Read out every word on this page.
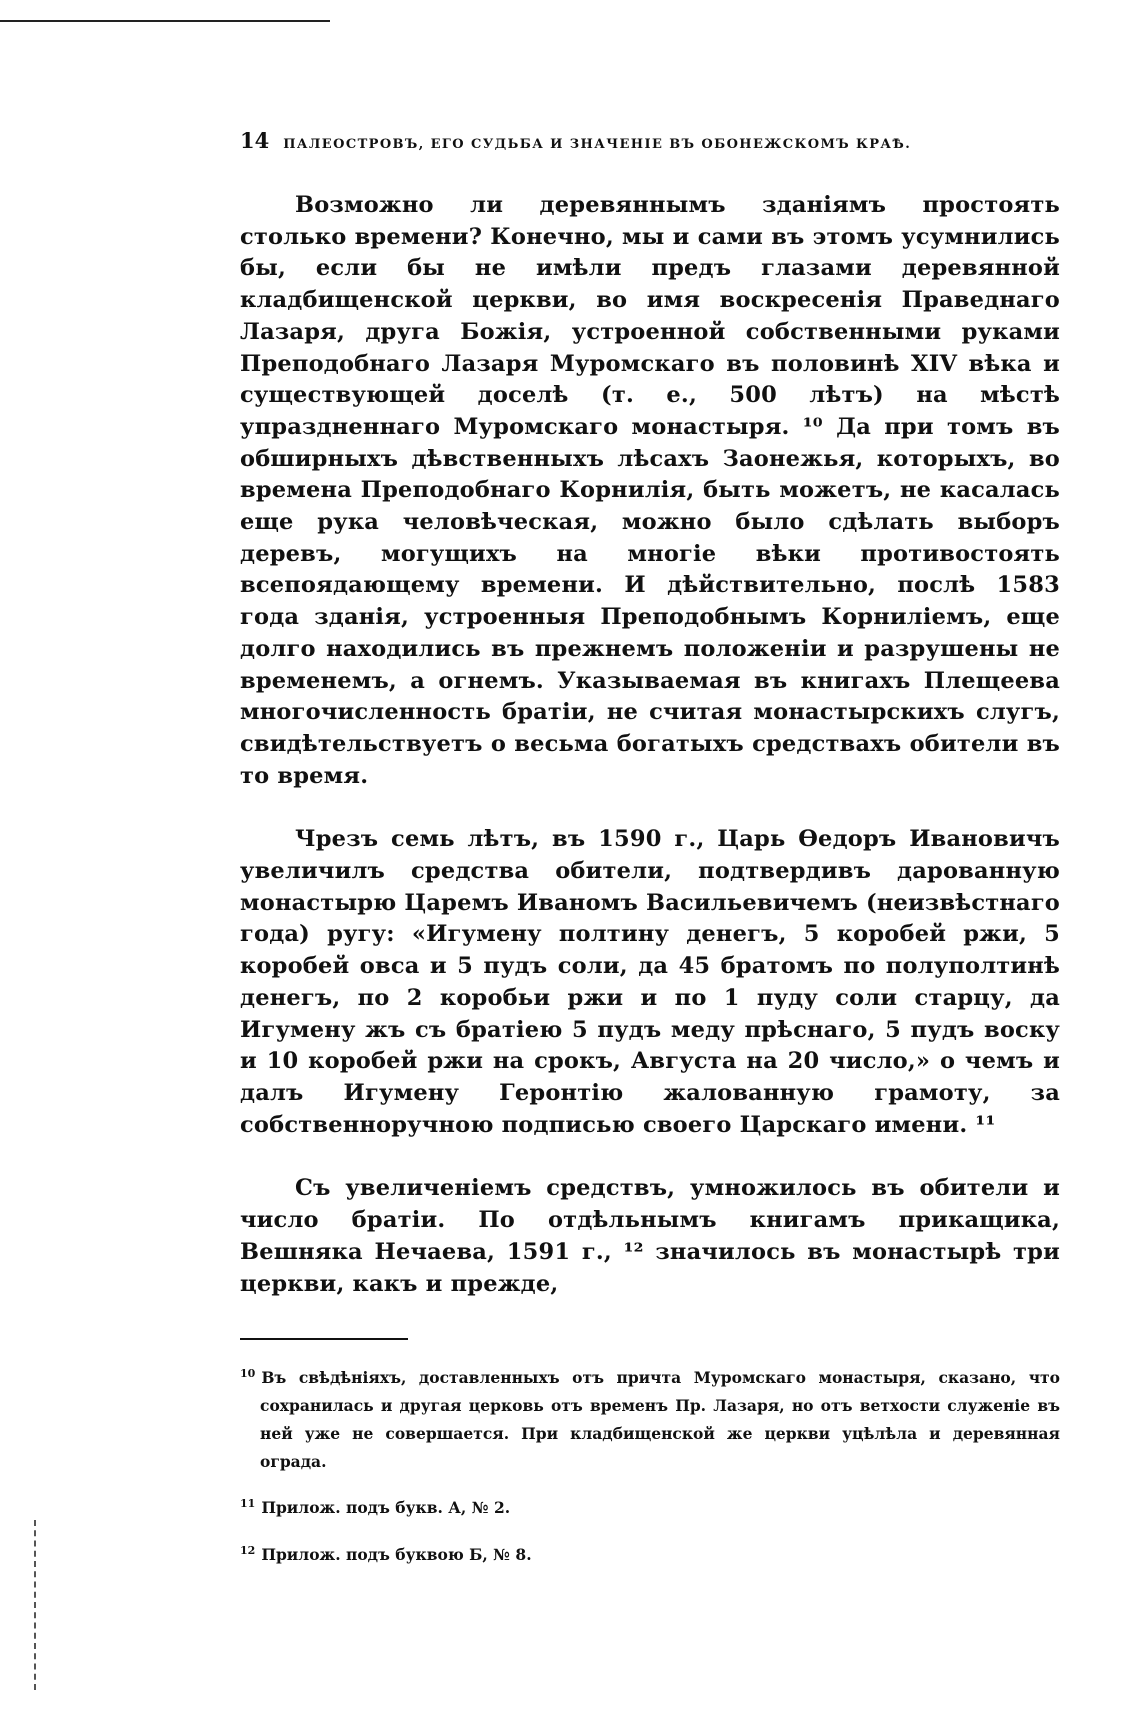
14 ПАЛЕОСТРОВЪ, ЕГО СУДЬБА И ЗНАЧЕНІЕ ВЪ ОБОНЕЖСКОМЪ КРАѢ.

Возможно ли деревяннымъ зданіямъ простоять столько времени? Конечно, мы и сами въ этомъ усумнились бы, если бы не имѣли предъ глазами деревянной кладбищенской церкви, во имя воскресенія Праведнаго Лазаря, друга Божія, устроенной собственными руками Преподобнаго Лазаря Муромскаго въ половинѣ XIV вѣка и существующей доселѣ (т. е., 500 лѣтъ) на мѣстѣ упраздненнаго Муромскаго монастыря. ¹⁰ Да при томъ въ обширныхъ дѣвственныхъ лѣсахъ Заонежья, которыхъ, во времена Преподобнаго Корнилія, быть можетъ, не касалась еще рука человѣческая, можно было сдѣлать выборъ деревъ, могущихъ на многіе вѣки противостоять всепоядающему времени. И дѣйствительно, послѣ 1583 года зданія, устроенныя Преподобнымъ Корниліемъ, еще долго находились въ прежнемъ положеніи и разрушены не временемъ, а огнемъ. Указываемая въ книгахъ Плещеева многочисленность братіи, не считая монастырскихъ слугъ, свидѣтельствуетъ о весьма богатыхъ средствахъ обители въ то время.

Чрезъ семь лѣтъ, въ 1590 г., Царь Ѳедоръ Ивановичъ увеличилъ средства обители, подтвердивъ дарованную монастырю Царемъ Иваномъ Васильевичемъ (неизвѣстнаго года) ругу: «Игумену полтину денегъ, 5 коробей ржи, 5 коробей овса и 5 пудъ соли, да 45 братомъ по полуполтинѣ денегъ, по 2 коробьи ржи и по 1 пуду соли старцу, да Игумену жъ съ братіею 5 пудъ меду прѣснаго, 5 пудъ воску и 10 коробей ржи на срокъ, Августа на 20 число,» о чемъ и далъ Игумену Геронтію жалованную грамоту, за собственноручною подписью своего Царскаго имени. ¹¹

Съ увеличеніемъ средствъ, умножилось въ обители и число братіи. По отдѣльнымъ книгамъ прикащика, Вешняка Нечаева, 1591 г., ¹² значилось въ монастырѣ три церкви, какъ и прежде,

$^{10}$ Въ свѣдѣніяхъ, доставленныхъ отъ причта Муромскаго монастыря, сказано, что сохранилась и другая церковь отъ временъ Пр. Лазаря, но отъ ветхости служеніе въ ней уже не совершается. При кладбищенской же церкви уцѣлѣла и деревянная ограда.

$^{11}$ Прилож. подъ букв. А, № 2.

$^{12}$ Прилож. подъ буквою Б, № 8.
